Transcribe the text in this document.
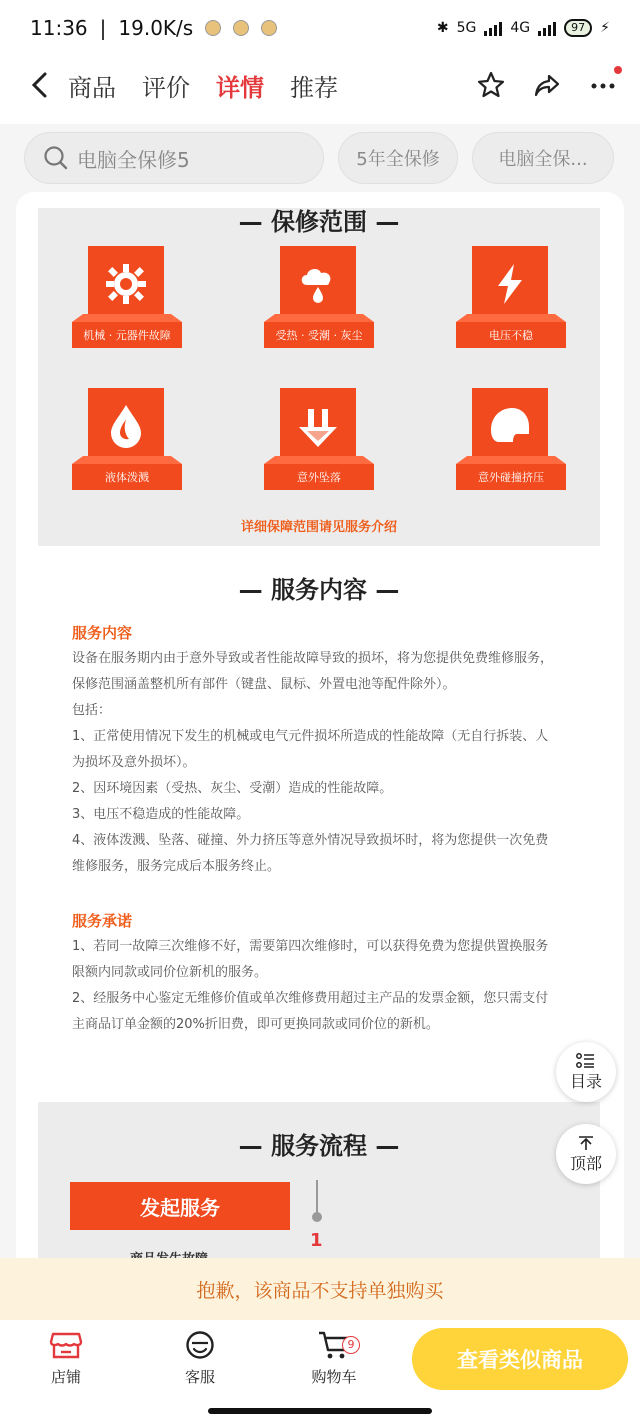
11:36 | 19.0K/s	✱ 5G 4G	97	⚡
商品 评价 详情 推荐
电脑全保修5	5年全保修	电脑全保...
— 保修范围 —
机械 · 元器件故障	受热 · 受潮 · 灰尘	电压不稳
液体泼溅	意外坠落	意外碰撞挤压
详细保障范围请见服务介绍
— 服务内容 —
服务内容
设备在服务期内由于意外导致或者性能故障导致的损坏，将为您提供免费维修服务，
保修范围涵盖整机所有部件（键盘、鼠标、外置电池等配件除外）。
包括：
1、正常使用情况下发生的机械或电气元件损坏所造成的性能故障（无自行拆装、人
为损坏及意外损坏）。
2、因环境因素（受热、灰尘、受潮）造成的性能故障。
3、电压不稳造成的性能故障。
4、液体泼溅、坠落、碰撞、外力挤压等意外情况导致损坏时，将为您提供一次免费
维修服务，服务完成后本服务终止。
服务承诺
1、若同一故障三次维修不好，需要第四次维修时，可以获得免费为您提供置换服务
限额内同款或同价位新机的服务。
2、经服务中心鉴定无维修价值或单次维修费用超过主产品的发票金额，您只需支付
主商品订单金额的20%折旧费，即可更换同款或同价位的新机。
— 服务流程 —
发起服务
1
目录
顶部
抱歉，该商品不支持单独购买
店铺	客服
9
购物车
查看类似商品
